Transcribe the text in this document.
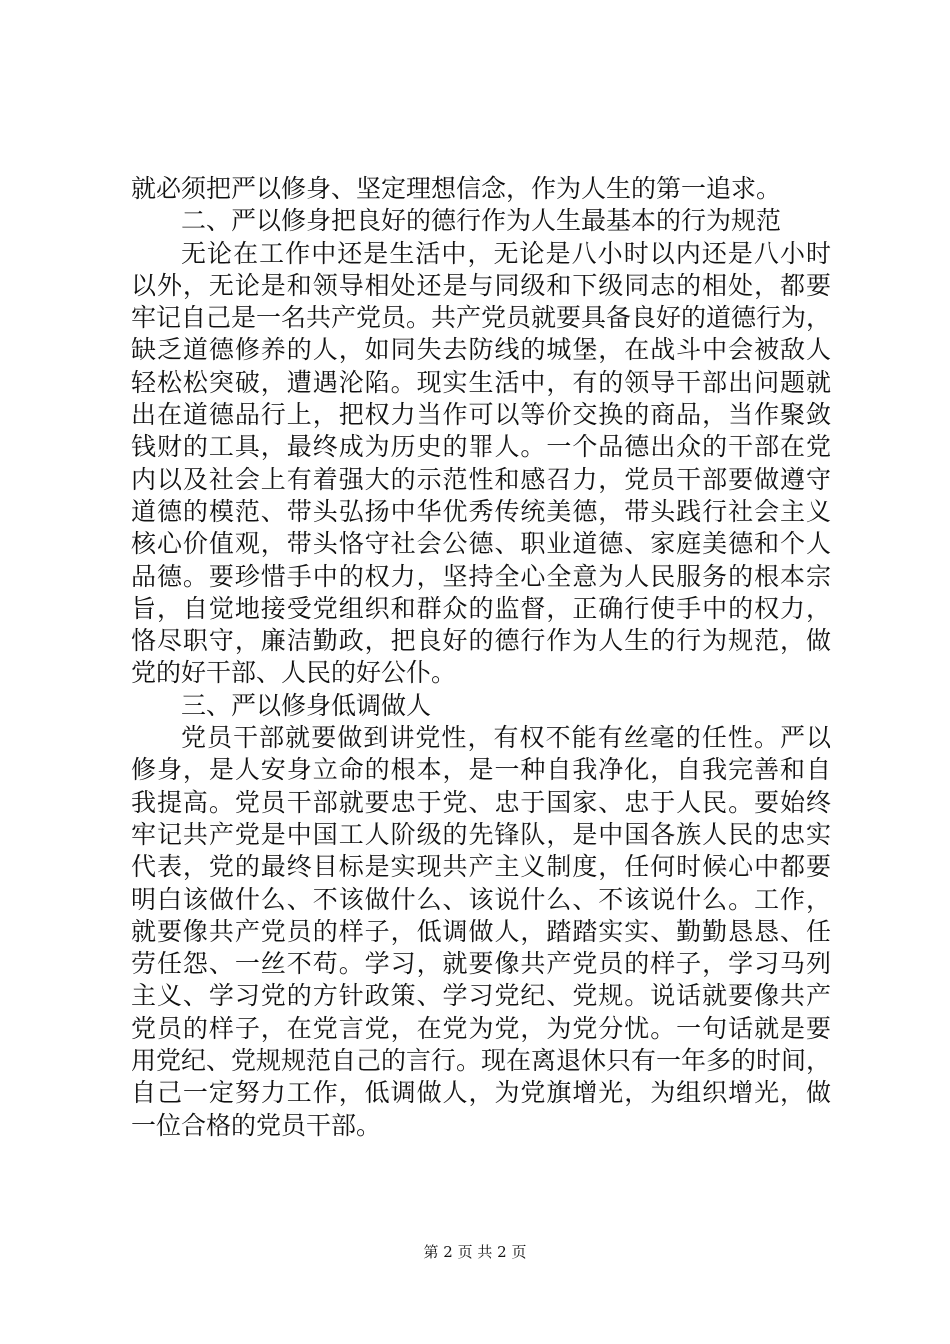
就必须把严以修身、坚定理想信念，作为人生的第一追求。
二、严以修身把良好的德行作为人生最基本的行为规范
无论在工作中还是生活中，无论是八小时以内还是八小时
以外，无论是和领导相处还是与同级和下级同志的相处，都要
牢记自己是一名共产党员。共产党员就要具备良好的道德行为，
缺乏道德修养的人，如同失去防线的城堡，在战斗中会被敌人
轻松松突破，遭遇沦陷。现实生活中，有的领导干部出问题就
出在道德品行上，把权力当作可以等价交换的商品，当作聚敛
钱财的工具，最终成为历史的罪人。一个品德出众的干部在党
内以及社会上有着强大的示范性和感召力，党员干部要做遵守
道德的模范、带头弘扬中华优秀传统美德，带头践行社会主义
核心价值观，带头恪守社会公德、职业道德、家庭美德和个人
品德。要珍惜手中的权力，坚持全心全意为人民服务的根本宗
旨，自觉地接受党组织和群众的监督，正确行使手中的权力，
恪尽职守，廉洁勤政，把良好的德行作为人生的行为规范，做
党的好干部、人民的好公仆。
三、严以修身低调做人
党员干部就要做到讲党性，有权不能有丝毫的任性。严以
修身，是人安身立命的根本，是一种自我净化，自我完善和自
我提高。党员干部就要忠于党、忠于国家、忠于人民。要始终
牢记共产党是中国工人阶级的先锋队，是中国各族人民的忠实
代表，党的最终目标是实现共产主义制度，任何时候心中都要
明白该做什么、不该做什么、该说什么、不该说什么。工作，
就要像共产党员的样子，低调做人，踏踏实实、勤勤恳恳、任
劳任怨、一丝不苟。学习，就要像共产党员的样子，学习马列
主义、学习党的方针政策、学习党纪、党规。说话就要像共产
党员的样子，在党言党，在党为党，为党分忧。一句话就是要
用党纪、党规规范自己的言行。现在离退休只有一年多的时间，
自己一定努力工作，低调做人，为党旗增光，为组织增光，做
一位合格的党员干部。
第 2 页 共 2 页
